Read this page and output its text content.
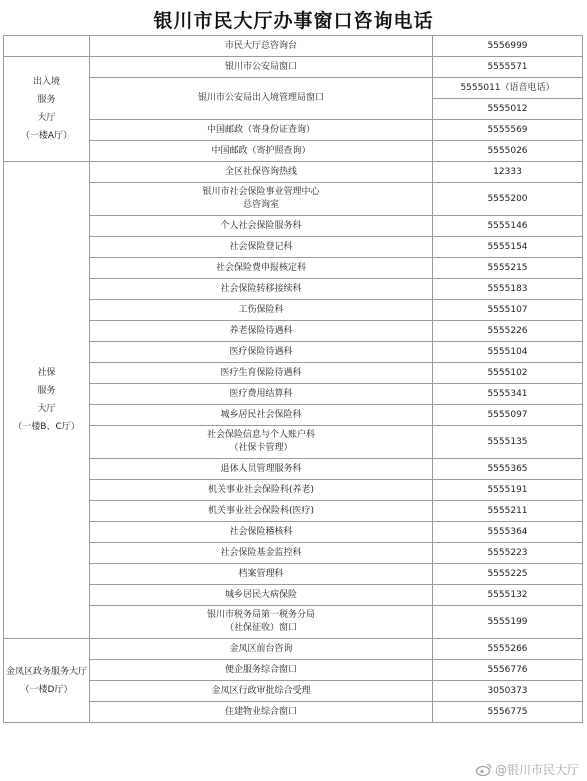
银川市民大厅办事窗口咨询电话
	市民大厅总咨询台	5556999

出入境
服务
大厅
（一楼A厅）	银川市公安局窗口	5555571

	银川市公安局出入境管理局窗口	5555011（语音电话）
		5555012

	中国邮政（寄身份证查询）	5555569

	中国邮政（寄护照查询）	5555026

社保
服务
大厅
（一楼B、C厅）	全区社保咨询热线	12333

	银川市社会保险事业管理中心
总咨询室	5555200

	个人社会保险服务科	5555146

	社会保险登记科	5555154

	社会保险费申报核定科	5555215

	社会保险转移接续科	5555183

	工伤保险科	5555107

	养老保险待遇科	5555226

	医疗保险待遇科	5555104

	医疗生育保险待遇科	5555102

	医疗费用结算科	5555341

	城乡居民社会保险科	5555097

	社会保险信息与个人账户科
（社保卡管理）	5555135

	退休人员管理服务科	5555365

	机关事业社会保险科(养老)	5555191

	机关事业社会保险科(医疗)	5555211

	社会保险稽核科	5555364

	社会保险基金监控科	5555223

	档案管理科	5555225

	城乡居民大病保险	5555132

	银川市税务局第一税务分局
（社保征收）窗口	5555199

金凤区政务服务大厅
（一楼D厅）	金凤区前台咨询	5555266

	便企服务综合窗口	5556776

	金凤区行政审批综合受理	3050373

	住建物业综合窗口	5556775
@银川市民大厅
